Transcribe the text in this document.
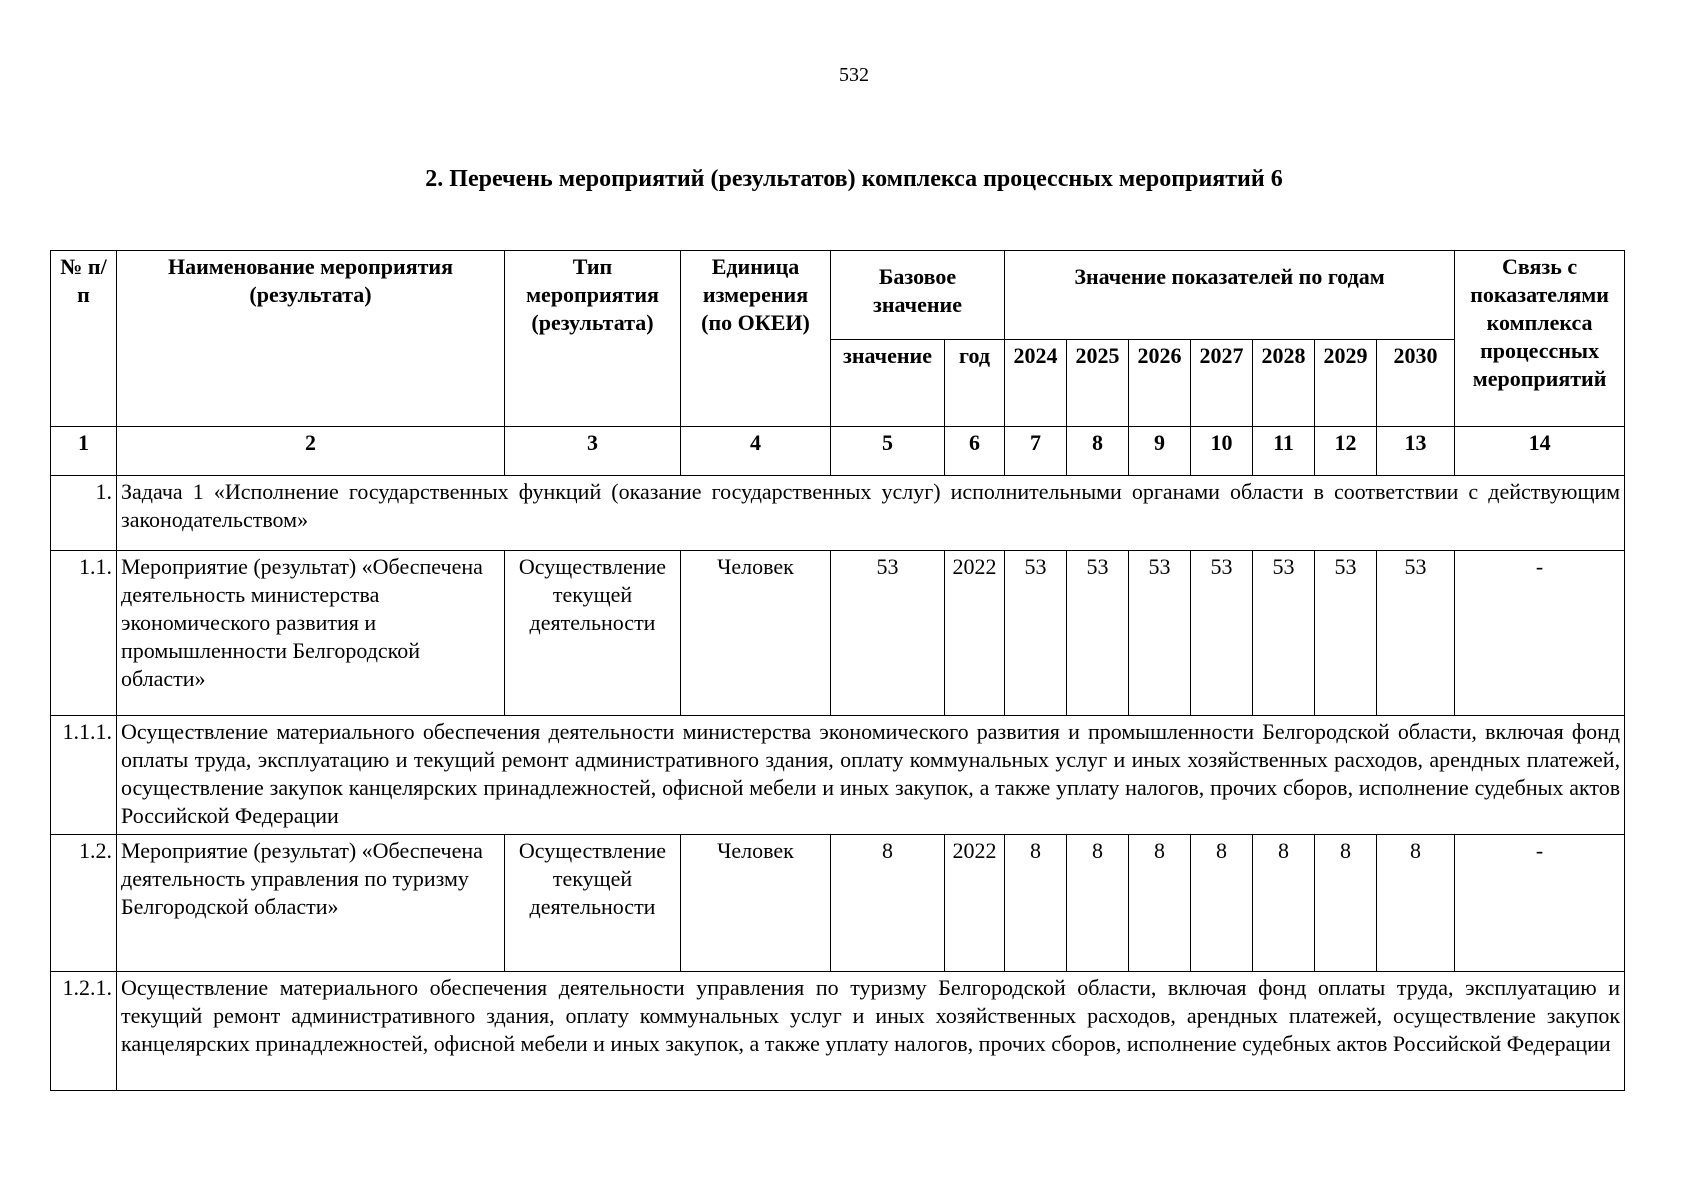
532
2. Перечень мероприятий (результатов) комплекса процессных мероприятий 6
№ п/п	Наименование мероприятия (результата)	Тип мероприятия (результата)	Единица измерения (по ОКЕИ)	Базовое значение		Значение показателей по годам							Связь с показателями комплекса процессных мероприятий
				значение	год	2024	2025	2026	2027	2028	2029	2030	
1	2	3	4	5	6	7	8	9	10	11	12	13	14
1.	Задача 1 «Исполнение государственных функций (оказание государственных услуг) исполнительными органами области в соответствии с действующим законодательством»												
1.1.	Мероприятие (результат) «Обеспечена деятельность министерства экономического развития и промышленности Белгородской области»	Осуществление текущей деятельности	Человек	53	2022	53	53	53	53	53	53	53	-
1.1.1.	Осуществление материального обеспечения деятельности министерства экономического развития и промышленности Белгородской области, включая фонд оплаты труда, эксплуатацию и текущий ремонт административного здания, оплату коммунальных услуг и иных хозяйственных расходов, арендных платежей, осуществление закупок канцелярских принадлежностей, офисной мебели и иных закупок, а также уплату налогов, прочих сборов, исполнение судебных актов Российской Федерации												
1.2.	Мероприятие (результат) «Обеспечена деятельность управления по туризму Белгородской области»	Осуществление текущей деятельности	Человек	8	2022	8	8	8	8	8	8	8	-
1.2.1.	Осуществление материального обеспечения деятельности управления по туризму Белгородской области, включая фонд оплаты труда, эксплуатацию и текущий ремонт административного здания, оплату коммунальных услуг и иных хозяйственных расходов, арендных платежей, осуществление закупок канцелярских принадлежностей, офисной мебели и иных закупок, а также уплату налогов, прочих сборов, исполнение судебных актов Российской Федерации												
